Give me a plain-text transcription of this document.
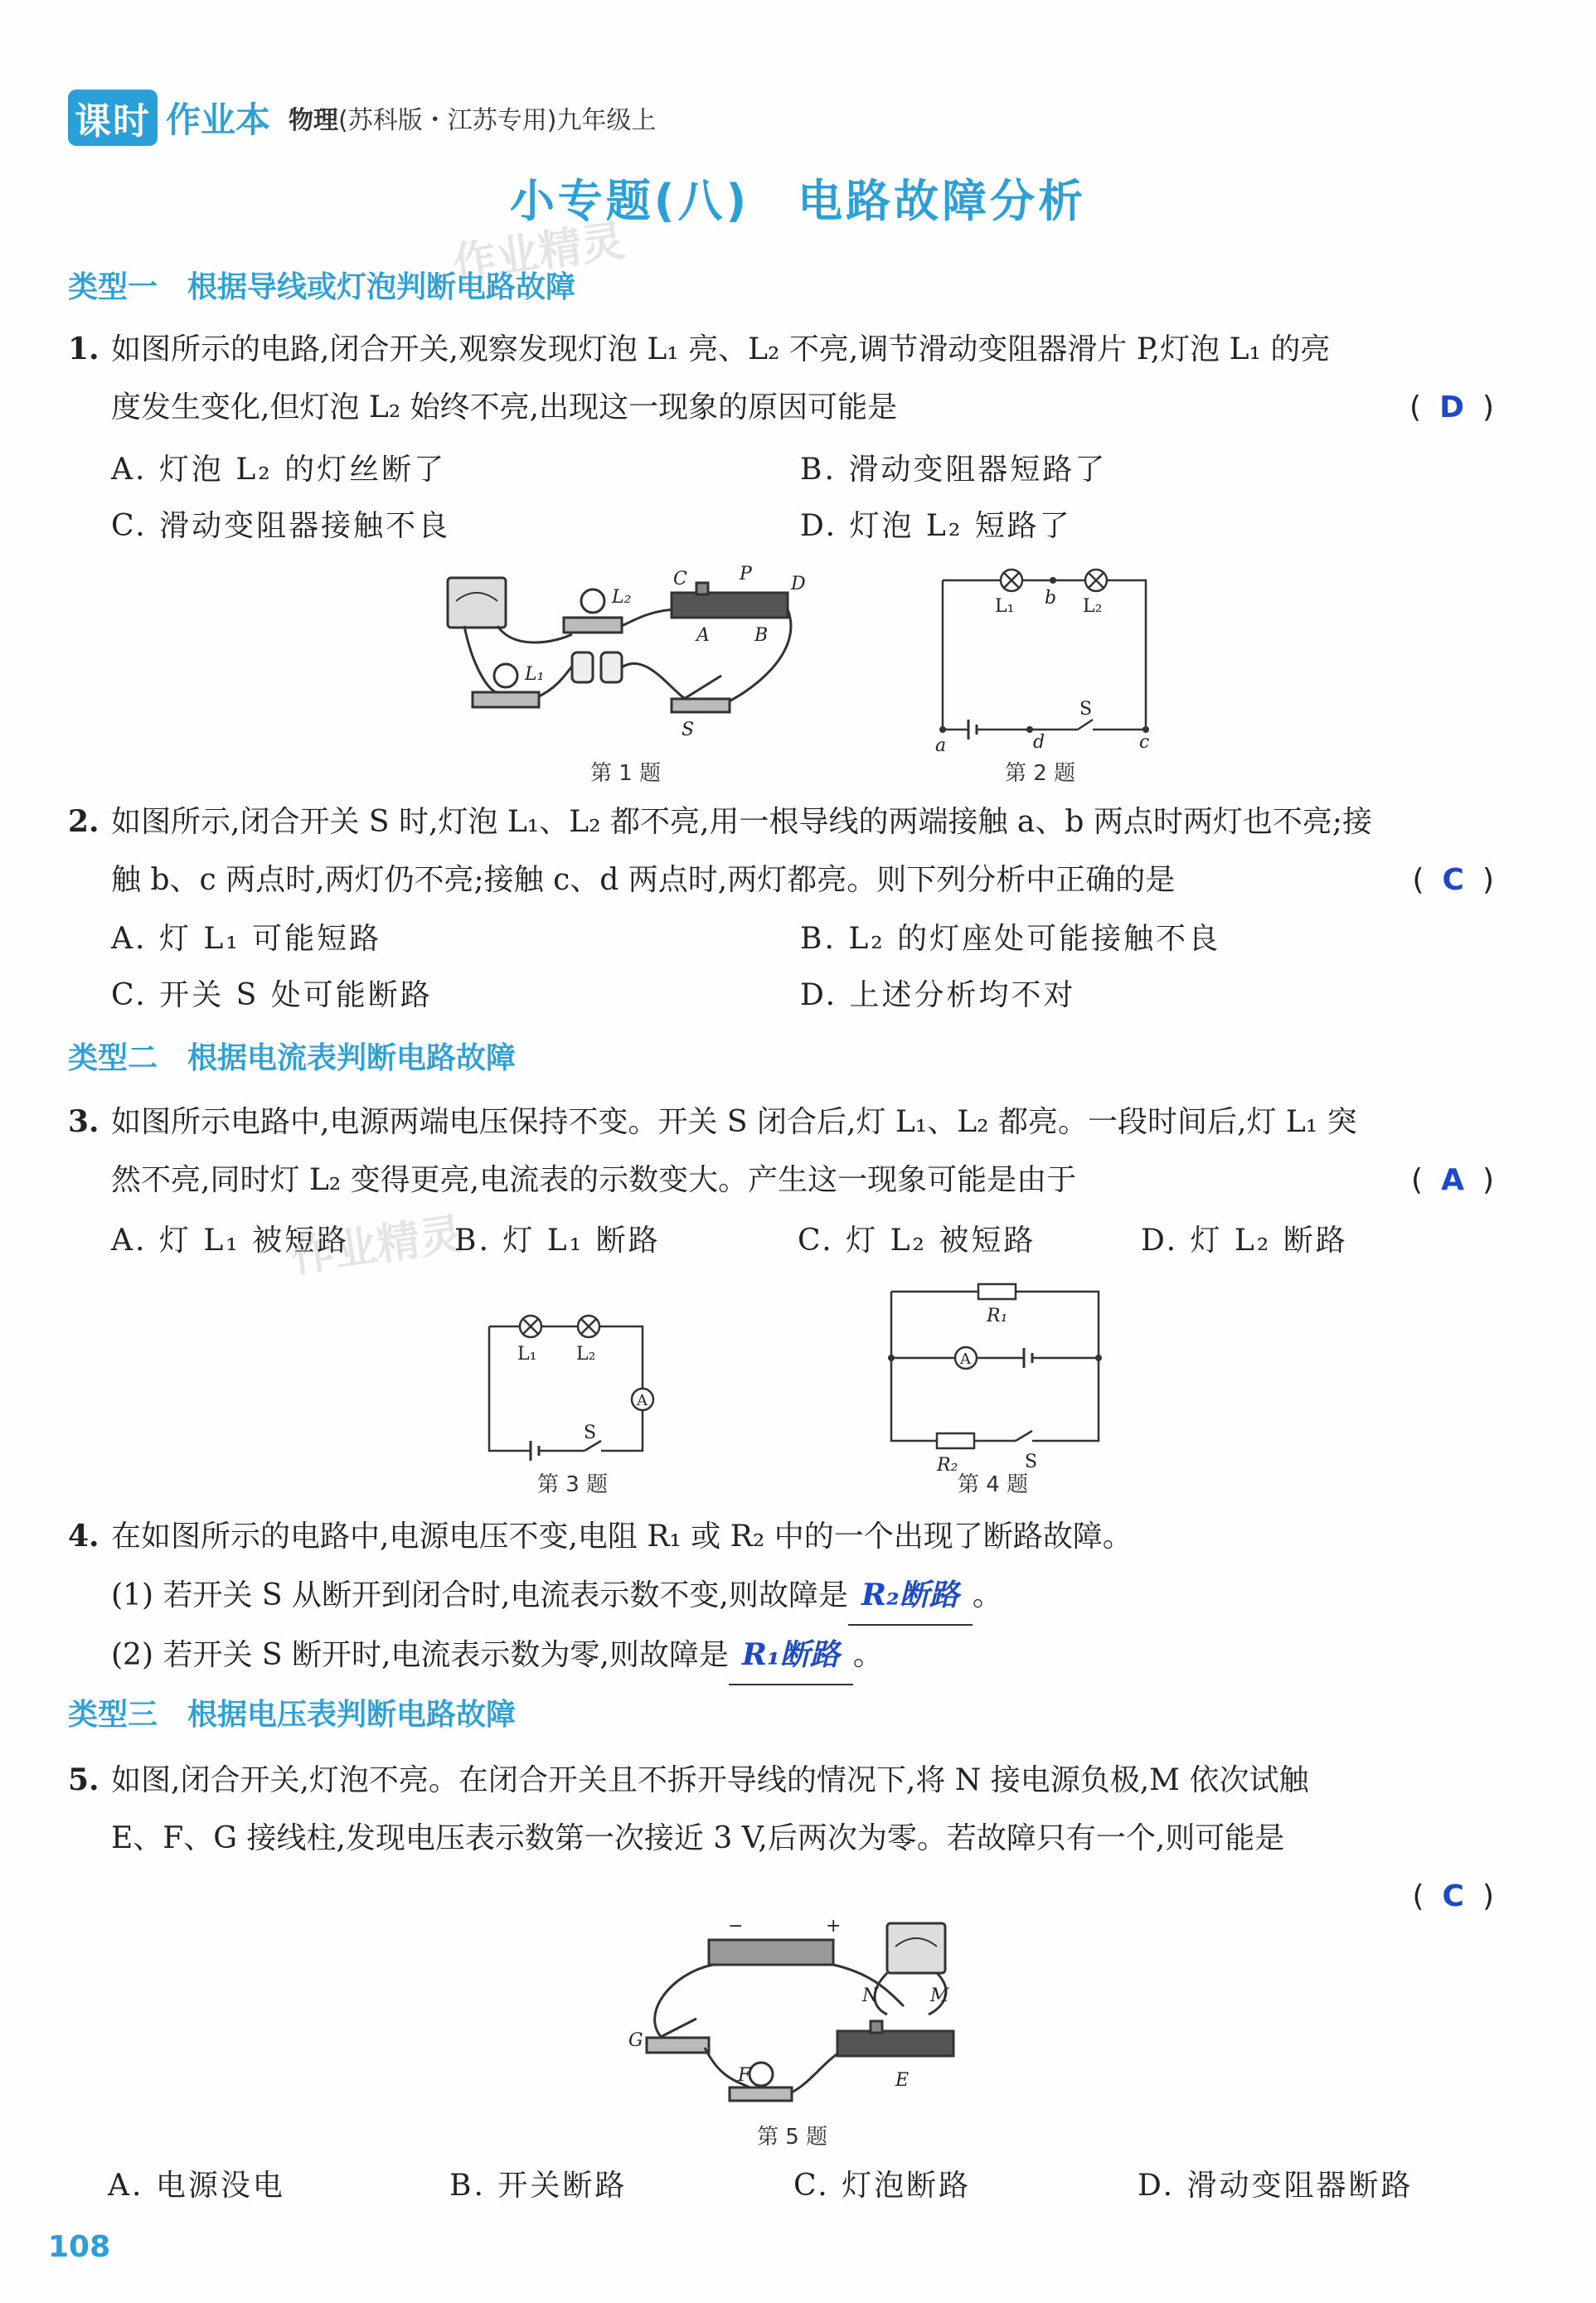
课时 作业本 物理(苏科版・江苏专用)九年级上
小专题(八)　电路故障分析
作业精灵
作业精灵
类型一 根据导线或灯泡判断电路故障
1. 如图所示的电路,闭合开关,观察发现灯泡 L₁ 亮、L₂ 不亮,调节滑动变阻器滑片 P,灯泡 L₁ 的亮
度发生变化,但灯泡 L₂ 始终不亮,出现这一现象的原因可能是	( D )
A. 灯泡 L₂ 的灯丝断了	B. 滑动变阻器短路了
C. 滑动变阻器接触不良	D. 灯泡 L₂ 短路了
L₂
C	P D
A B
L₁
S
第 1 题
L₁ b L₂
S
a	d	c
第 2 题
2. 如图所示,闭合开关 S 时,灯泡 L₁、L₂ 都不亮,用一根导线的两端接触 a、b 两点时两灯也不亮;接
触 b、c 两点时,两灯仍不亮;接触 c、d 两点时,两灯都亮。则下列分析中正确的是	( C )
A. 灯 L₁ 可能短路	B. L₂ 的灯座处可能接触不良
C. 开关 S 处可能断路	D. 上述分析均不对
类型二 根据电流表判断电路故障
3. 如图所示电路中,电源两端电压保持不变。开关 S 闭合后,灯 L₁、L₂ 都亮。一段时间后,灯 L₁ 突
然不亮,同时灯 L₂ 变得更亮,电流表的示数变大。产生这一现象可能是由于	( A )
A. 灯 L₁ 被短路	B. 灯 L₁ 断路	C. 灯 L₂ 被短路	D. 灯 L₂ 断路
L₁ L₂
A
S
第 3 题
R₁
A
R₂	S
第 4 题
4. 在如图所示的电路中,电源电压不变,电阻 R₁ 或 R₂ 中的一个出现了断路故障。
(1) 若开关 S 从断开到闭合时,电流表示数不变,则故障是 R₂断路 。
(2) 若开关 S 断开时,电流表示数为零,则故障是 R₁断路 。
类型三 根据电压表判断电路故障
5. 如图,闭合开关,灯泡不亮。在闭合开关且不拆开导线的情况下,将 N 接电源负极,M 依次试触
E、F、G 接线柱,发现电压表示数第一次接近 3 V,后两次为零。若故障只有一个,则可能是
( C )
−	+
N	M
G
F	E
第 5 题
A. 电源没电	B. 开关断路	C. 灯泡断路	D. 滑动变阻器断路
108
